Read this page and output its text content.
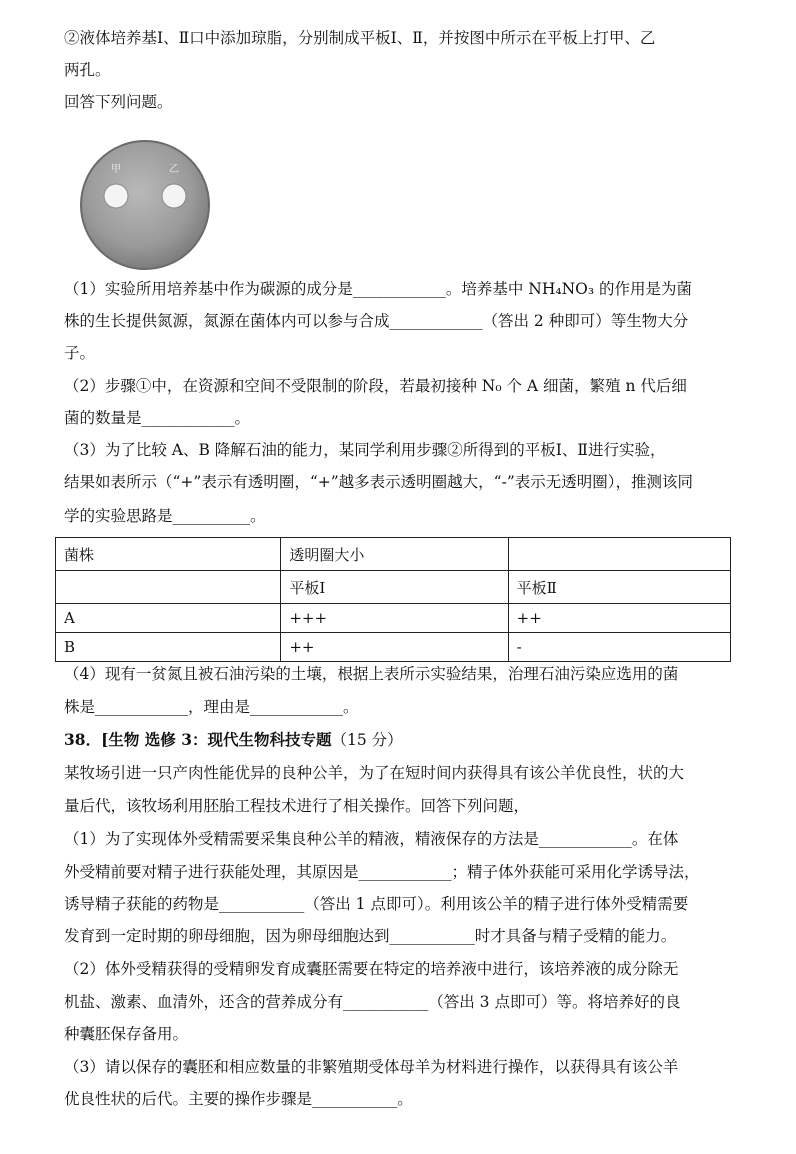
②液体培养基Ⅰ、Ⅱ口中添加琼脂，分别制成平板Ⅰ、Ⅱ，并按图中所示在平板上打甲、乙
两孔。
回答下列问题。
甲	乙
（1）实验所用培养基中作为碳源的成分是____________。培养基中 NH₄NO₃ 的作用是为菌
株的生长提供氮源，氮源在菌体内可以参与合成____________（答出 2 种即可）等生物大分
子。
（2）步骤①中，在资源和空间不受限制的阶段，若最初接种 N₀ 个 A 细菌，繁殖 n 代后细
菌的数量是____________。
（3）为了比较 A、B 降解石油的能力，某同学利用步骤②所得到的平板Ⅰ、Ⅱ进行实验，
结果如表所示（“+”表示有透明圈，“+”越多表示透明圈越大，“-”表示无透明圈），推测该同
学的实验思路是__________。
菌株	透明圈大小	
	平板Ⅰ	平板Ⅱ
A	+++	++
B	++	-
（4）现有一贫氮且被石油污染的土壤，根据上表所示实验结果，治理石油污染应选用的菌
株是____________，理由是____________。
38．[生物 选修 3：现代生物科技专题（15 分）
某牧场引进一只产肉性能优异的良种公羊，为了在短时间内获得具有该公羊优良性，状的大
量后代，该牧场利用胚胎工程技术进行了相关操作。回答下列问题，
（1）为了实现体外受精需要采集良种公羊的精液，精液保存的方法是____________。在体
外受精前要对精子进行获能处理，其原因是____________；精子体外获能可采用化学诱导法，
诱导精子获能的药物是___________（答出 1 点即可）。利用该公羊的精子进行体外受精需要
发育到一定时期的卵母细胞，因为卵母细胞达到___________时才具备与精子受精的能力。
（2）体外受精获得的受精卵发育成囊胚需要在特定的培养液中进行，该培养液的成分除无
机盐、激素、血清外，还含的营养成分有___________（答出 3 点即可）等。将培养好的良
种囊胚保存备用。
（3）请以保存的囊胚和相应数量的非繁殖期受体母羊为材料进行操作，以获得具有该公羊
优良性状的后代。主要的操作步骤是___________。
